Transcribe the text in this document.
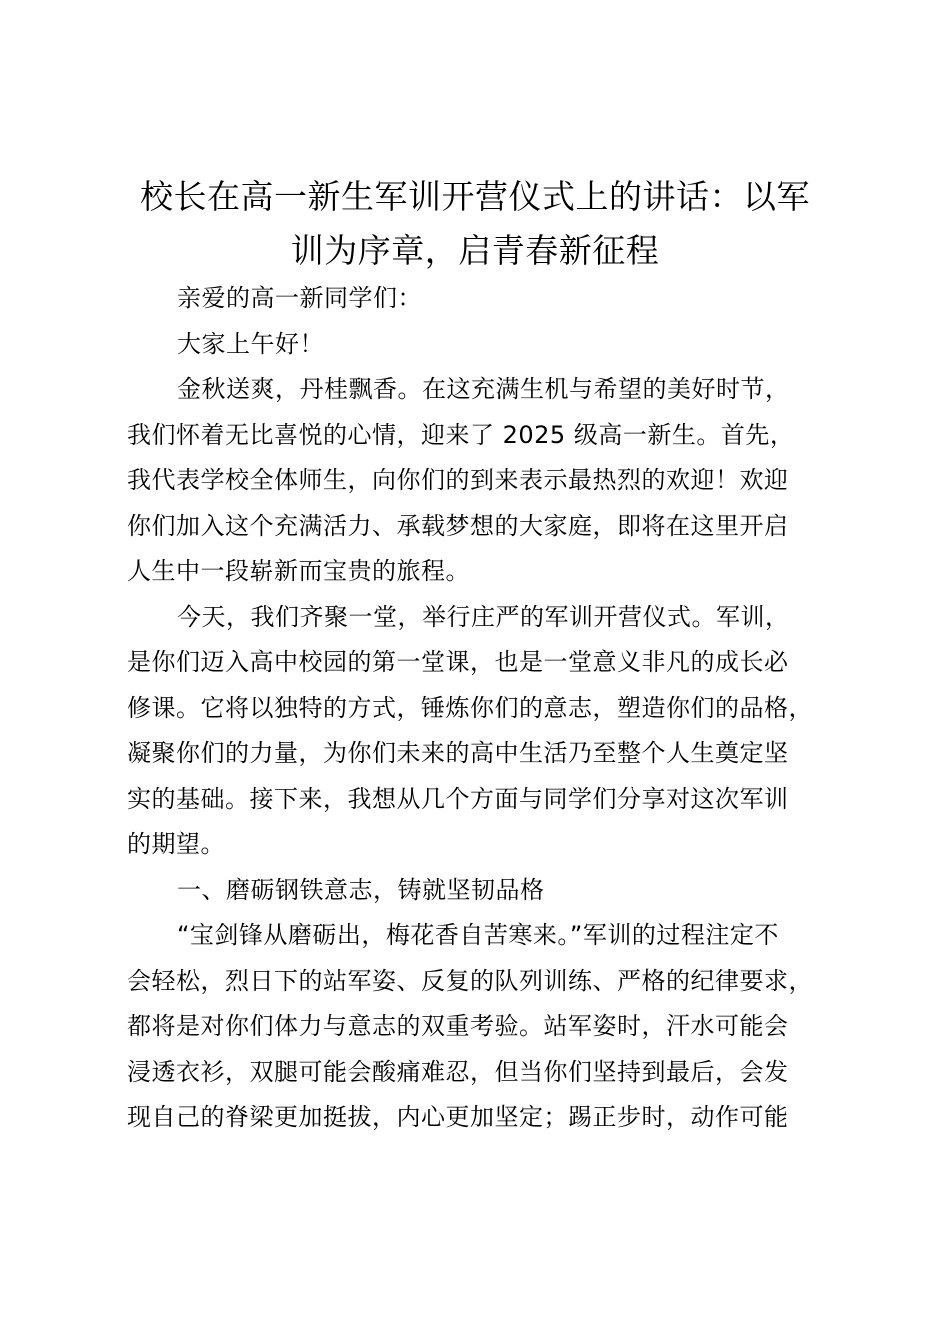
校长在高一新生军训开营仪式上的讲话：以军
训为序章，启青春新征程
亲爱的高一新同学们：
大家上午好！
金秋送爽，丹桂飘香。在这充满生机与希望的美好时节，
我们怀着无比喜悦的心情，迎来了 2025 级高一新生。首先，
我代表学校全体师生，向你们的到来表示最热烈的欢迎！欢迎
你们加入这个充满活力、承载梦想的大家庭，即将在这里开启
人生中一段崭新而宝贵的旅程。
今天，我们齐聚一堂，举行庄严的军训开营仪式。军训，
是你们迈入高中校园的第一堂课，也是一堂意义非凡的成长必
修课。它将以独特的方式，锤炼你们的意志，塑造你们的品格，
凝聚你们的力量，为你们未来的高中生活乃至整个人生奠定坚
实的基础。接下来，我想从几个方面与同学们分享对这次军训
的期望。
一、磨砺钢铁意志，铸就坚韧品格
“宝剑锋从磨砺出，梅花香自苦寒来。”军训的过程注定不
会轻松，烈日下的站军姿、反复的队列训练、严格的纪律要求，
都将是对你们体力与意志的双重考验。站军姿时，汗水可能会
浸透衣衫，双腿可能会酸痛难忍，但当你们坚持到最后，会发
现自己的脊梁更加挺拔，内心更加坚定；踢正步时，动作可能
